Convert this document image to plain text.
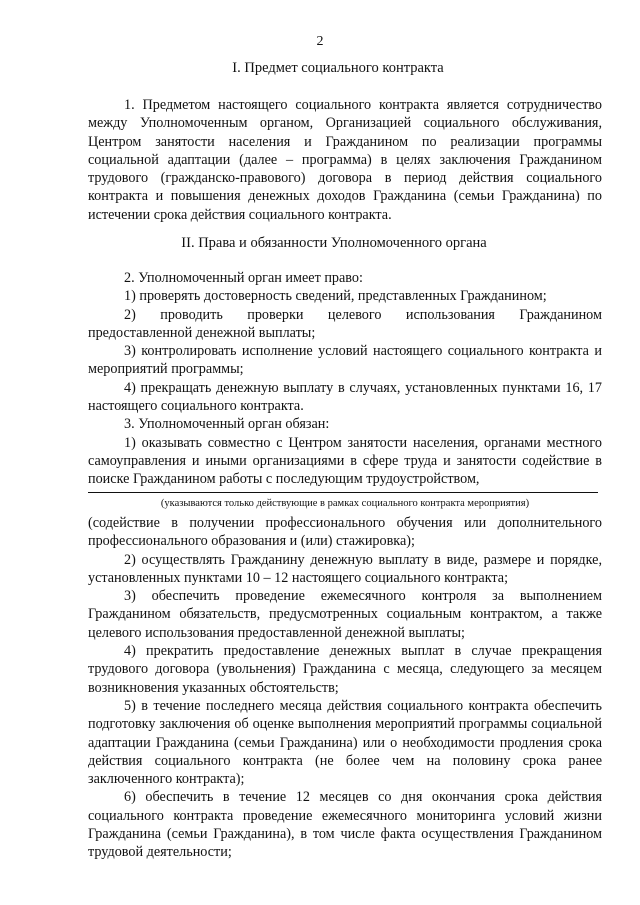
2
I. Предмет социального контракта

1. Предметом настоящего социального контракта является сотрудничество между Уполномоченным органом, Организацией социального обслуживания, Центром занятости населения и Гражданином по реализации программы социальной адаптации (далее – программа) в целях заключения Гражданином трудового (гражданско-правового) договора в период действия социального контракта и повышения денежных доходов Гражданина (семьи Гражданина) по истечении срока действия социального контракта.

II. Права и обязанности Уполномоченного органа

2. Уполномоченный орган имеет право:

1) проверять достоверность сведений, представленных Гражданином;

2) проводить проверки целевого использования Гражданином предоставленной денежной выплаты;

3) контролировать исполнение условий настоящего социального контракта и мероприятий программы;

4) прекращать денежную выплату в случаях, установленных пунктами 16, 17 настоящего социального контракта.

3. Уполномоченный орган обязан:

1) оказывать совместно с Центром занятости населения, органами местного самоуправления и иными организациями в сфере труда и занятости содействие в поиске Гражданином работы с последующим трудоустройством,

(указываются только действующие в рамках социального контракта мероприятия)

(содействие в получении профессионального обучения или дополнительного профессионального образования и (или) стажировка);

2) осуществлять Гражданину денежную выплату в виде, размере и порядке, установленных пунктами 10 – 12 настоящего социального контракта;

3) обеспечить проведение ежемесячного контроля за выполнением Гражданином обязательств, предусмотренных социальным контрактом, а также целевого использования предоставленной денежной выплаты;

4) прекратить предоставление денежных выплат в случае прекращения трудового договора (увольнения) Гражданина с месяца, следующего за месяцем возникновения указанных обстоятельств;

5) в течение последнего месяца действия социального контракта обеспечить подготовку заключения об оценке выполнения мероприятий программы социальной адаптации Гражданина (семьи Гражданина) или о необходимости продления срока действия социального контракта (не более чем на половину срока ранее заключенного контракта);

6) обеспечить в течение 12 месяцев со дня окончания срока действия социального контракта проведение ежемесячного мониторинга условий жизни Гражданина (семьи Гражданина), в том числе факта осуществления Гражданином трудовой деятельности;
